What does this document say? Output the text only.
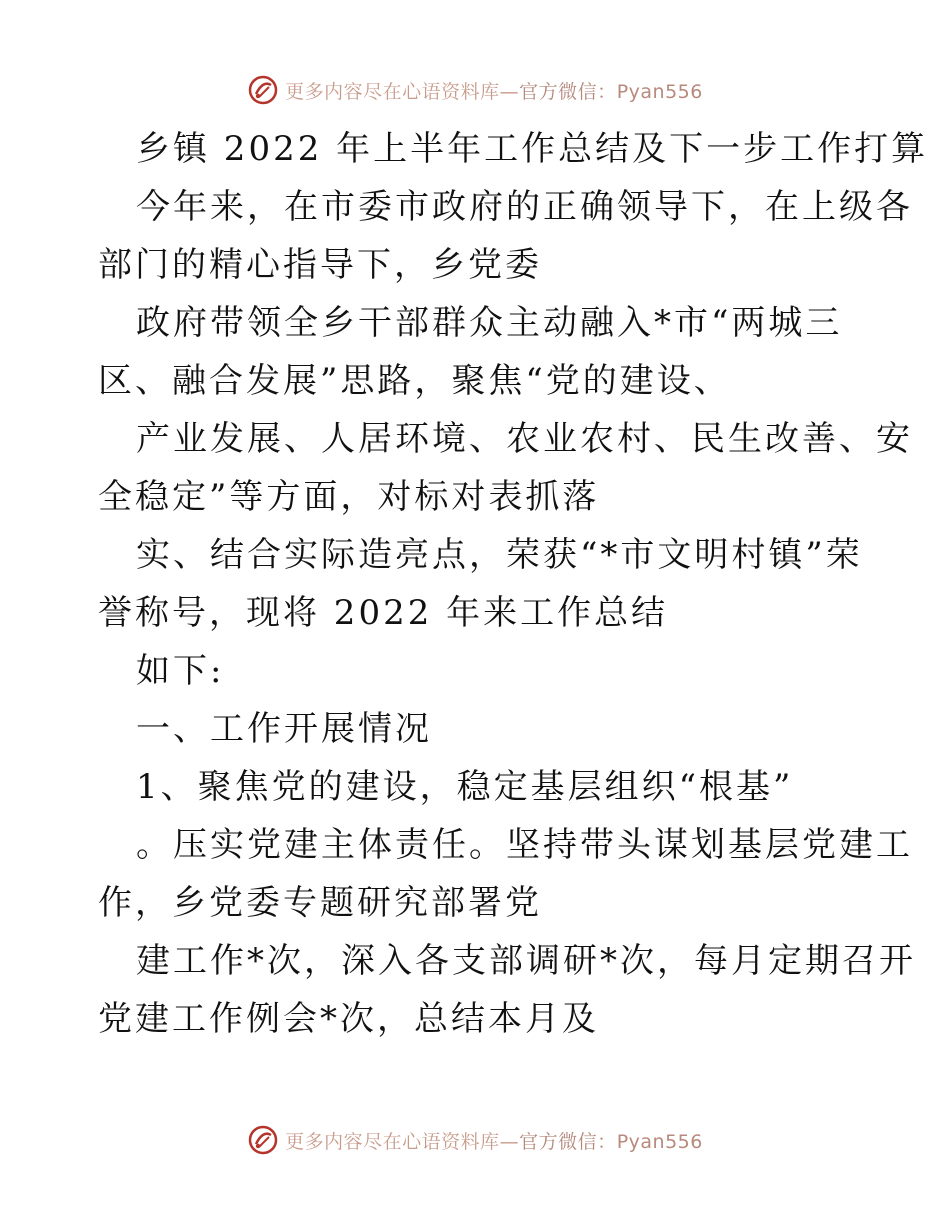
更多内容尽在心语资料库—官方微信：Pyan556
乡镇 2022 年上半年工作总结及下一步工作打算
今年来，在市委市政府的正确领导下，在上级各
部门的精心指导下，乡党委
政府带领全乡干部群众主动融入*市“两城三
区、融合发展”思路，聚焦“党的建设、
产业发展、人居环境、农业农村、民生改善、安
全稳定”等方面，对标对表抓落
实、结合实际造亮点，荣获“*市文明村镇”荣
誉称号，现将 2022 年来工作总结
如下:
一、工作开展情况
1、聚焦党的建设，稳定基层组织“根基”
。压实党建主体责任。坚持带头谋划基层党建工
作，乡党委专题研究部署党
建工作*次，深入各支部调研*次，每月定期召开
党建工作例会*次，总结本月及
更多内容尽在心语资料库—官方微信：Pyan556
